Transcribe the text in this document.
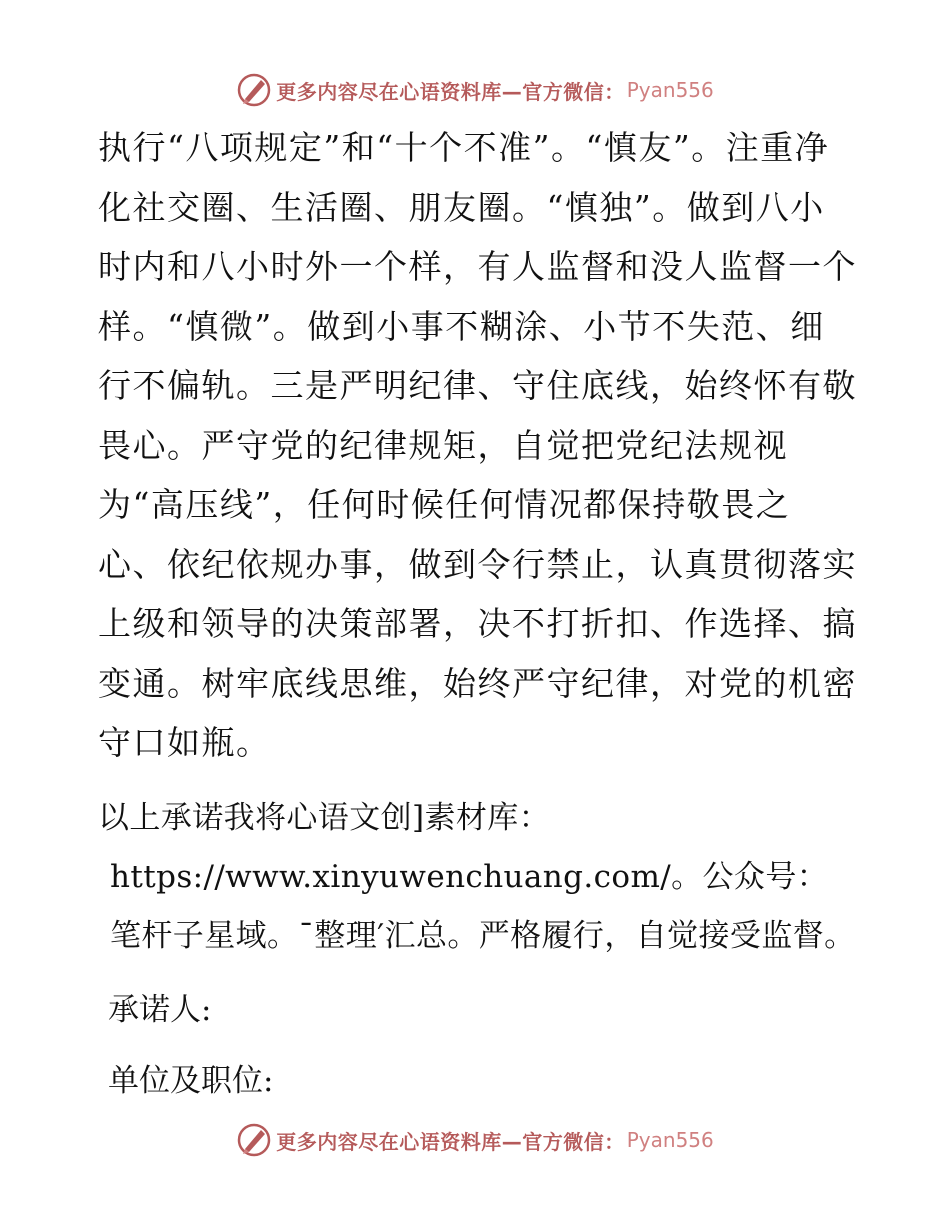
更多内容尽在心语资料库—官方微信： Pyan556

执行“八项规定”和“十个不准”。“慎友”。注重净化社交圈、生活圈、朋友圈。“慎独”。做到八小时内和八小时外一个样，有人监督和没人监督一个样。“慎微”。做到小事不糊涂、小节不失范、细行不偏轨。三是严明纪律、守住底线，始终怀有敬畏心。严守党的纪律规矩，自觉把党纪法规视为“高压线”，任何时候任何情况都保持敬畏之心、依纪依规办事，做到令行禁止，认真贯彻落实上级和领导的决策部署，决不打折扣、作选择、搞变通。树牢底线思维，始终严守纪律，对党的机密守口如瓶。

以上承诺我将心语文创]素材库：https://www.xinyuwenchuang.com/。公众号：笔杆子星域。¯整理′汇总。严格履行，自觉接受监督。

承诺人:

单位及职位:

更多内容尽在心语资料库—官方微信： Pyan556
